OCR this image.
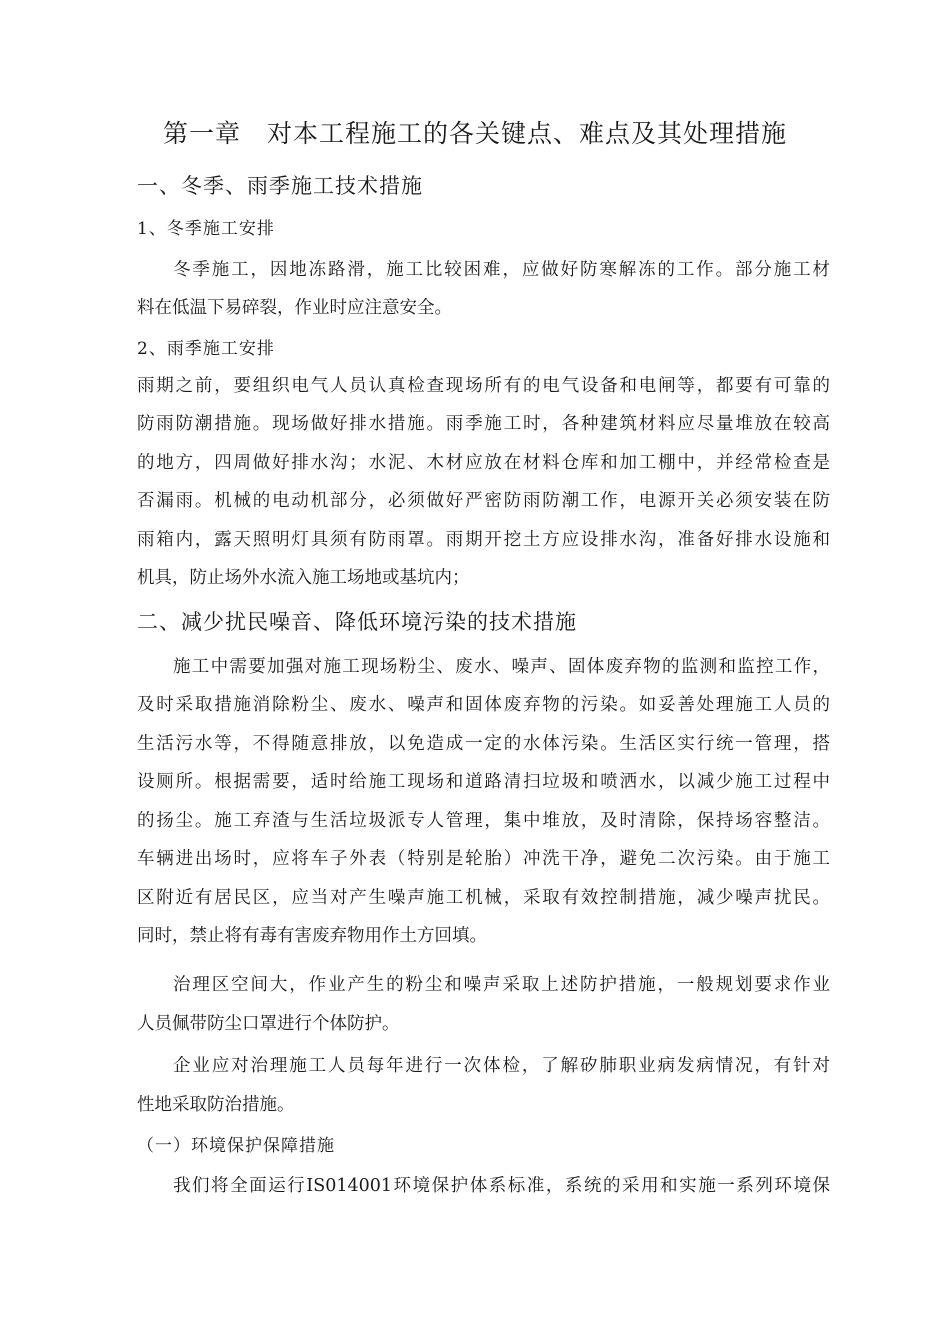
第一章　对本工程施工的各关键点、难点及其处理措施
一、冬季、雨季施工技术措施
1、冬季施工安排
冬季施工，因地冻路滑，施工比较困难，应做好防寒解冻的工作。部分施工材
料在低温下易碎裂，作业时应注意安全。
2、雨季施工安排
雨期之前，要组织电气人员认真检查现场所有的电气设备和电闸等，都要有可靠的
防雨防潮措施。现场做好排水措施。雨季施工时，各种建筑材料应尽量堆放在较高
的地方，四周做好排水沟；水泥、木材应放在材料仓库和加工棚中，并经常检查是
否漏雨。机械的电动机部分，必须做好严密防雨防潮工作，电源开关必须安装在防
雨箱内，露天照明灯具须有防雨罩。雨期开挖土方应设排水沟，准备好排水设施和
机具，防止场外水流入施工场地或基坑内；
二、减少扰民噪音、降低环境污染的技术措施
施工中需要加强对施工现场粉尘、废水、噪声、固体废弃物的监测和监控工作，
及时采取措施消除粉尘、废水、噪声和固体废弃物的污染。如妥善处理施工人员的
生活污水等，不得随意排放，以免造成一定的水体污染。生活区实行统一管理，搭
设厕所。根据需要，适时给施工现场和道路清扫垃圾和喷洒水，以减少施工过程中
的扬尘。施工弃渣与生活垃圾派专人管理，集中堆放，及时清除，保持场容整洁。
车辆进出场时，应将车子外表（特别是轮胎）冲洗干净，避免二次污染。由于施工
区附近有居民区，应当对产生噪声施工机械，采取有效控制措施，减少噪声扰民。
同时，禁止将有毒有害废弃物用作土方回填。
治理区空间大，作业产生的粉尘和噪声采取上述防护措施，一般规划要求作业
人员佩带防尘口罩进行个体防护。
企业应对治理施工人员每年进行一次体检，了解矽肺职业病发病情况，有针对
性地采取防治措施。
（一）环境保护保障措施
我们将全面运行IS014001环境保护体系标准，系统的采用和实施一系列环境保
